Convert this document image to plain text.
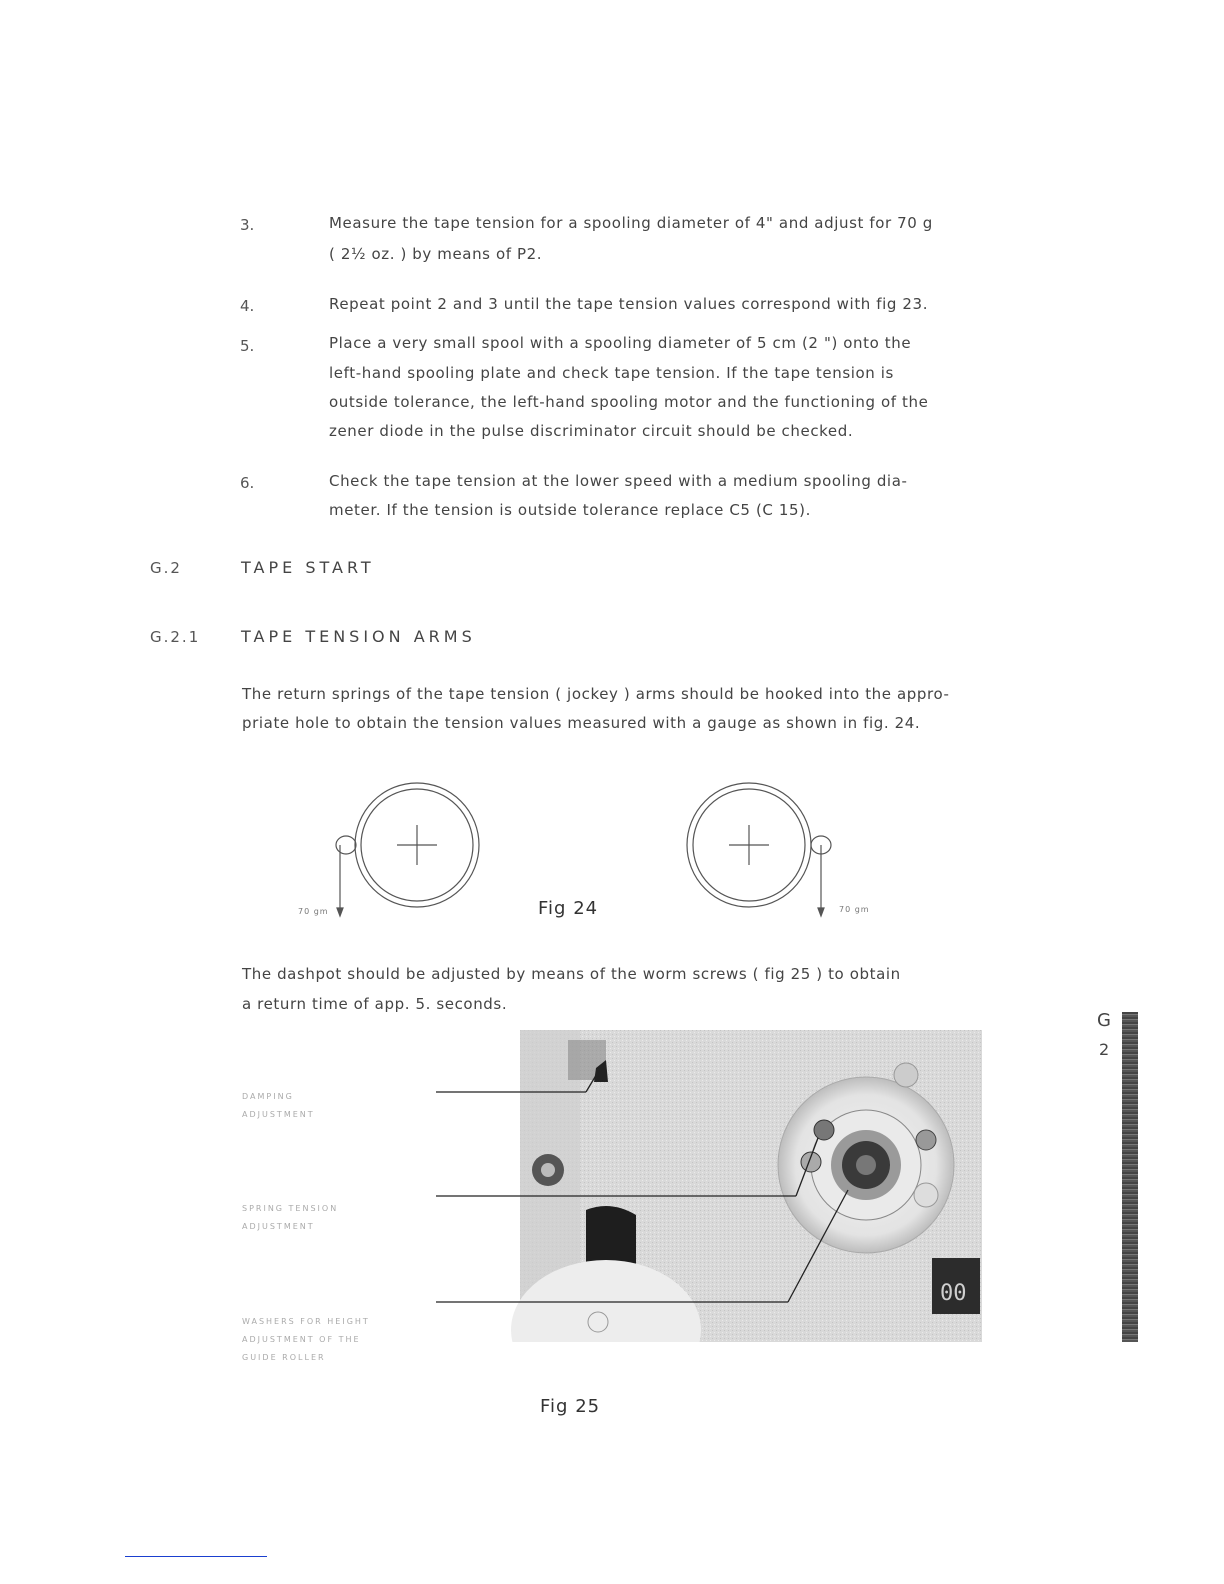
3.	Measure the tape tension for a spooling diameter of 4" and adjust for 70 g
( 2½ oz. ) by means of P2.
4.	Repeat point 2 and 3 until the tape tension values correspond with fig 23.
5.	Place a very small spool with a spooling diameter of 5 cm (2 ") onto the
left-hand spooling plate and check tape tension. If the tape tension is
outside tolerance, the left-hand spooling motor and the functioning of the
zener diode in the pulse discriminator circuit should be checked.
6.	Check the tape tension at the lower speed with a medium spooling dia-
meter. If the tension is outside tolerance replace C5 (C 15).
G.2	TAPE START
G.2.1	TAPE TENSION ARMS
The return springs of the tape tension ( jockey ) arms should be hooked into the appro-
priate hole to obtain the tension values measured with a gauge as shown in fig. 24.
70 gm	70 gm
Fig 24
The dashpot should be adjusted by means of the worm screws ( fig 25 ) to obtain
a return time of app. 5. seconds.
DAMPING
ADJUSTMENT
SPRING TENSION
ADJUSTMENT
WASHERS FOR HEIGHT
ADJUSTMENT OF THE
GUIDE ROLLER
00
Fig 25
G
2
